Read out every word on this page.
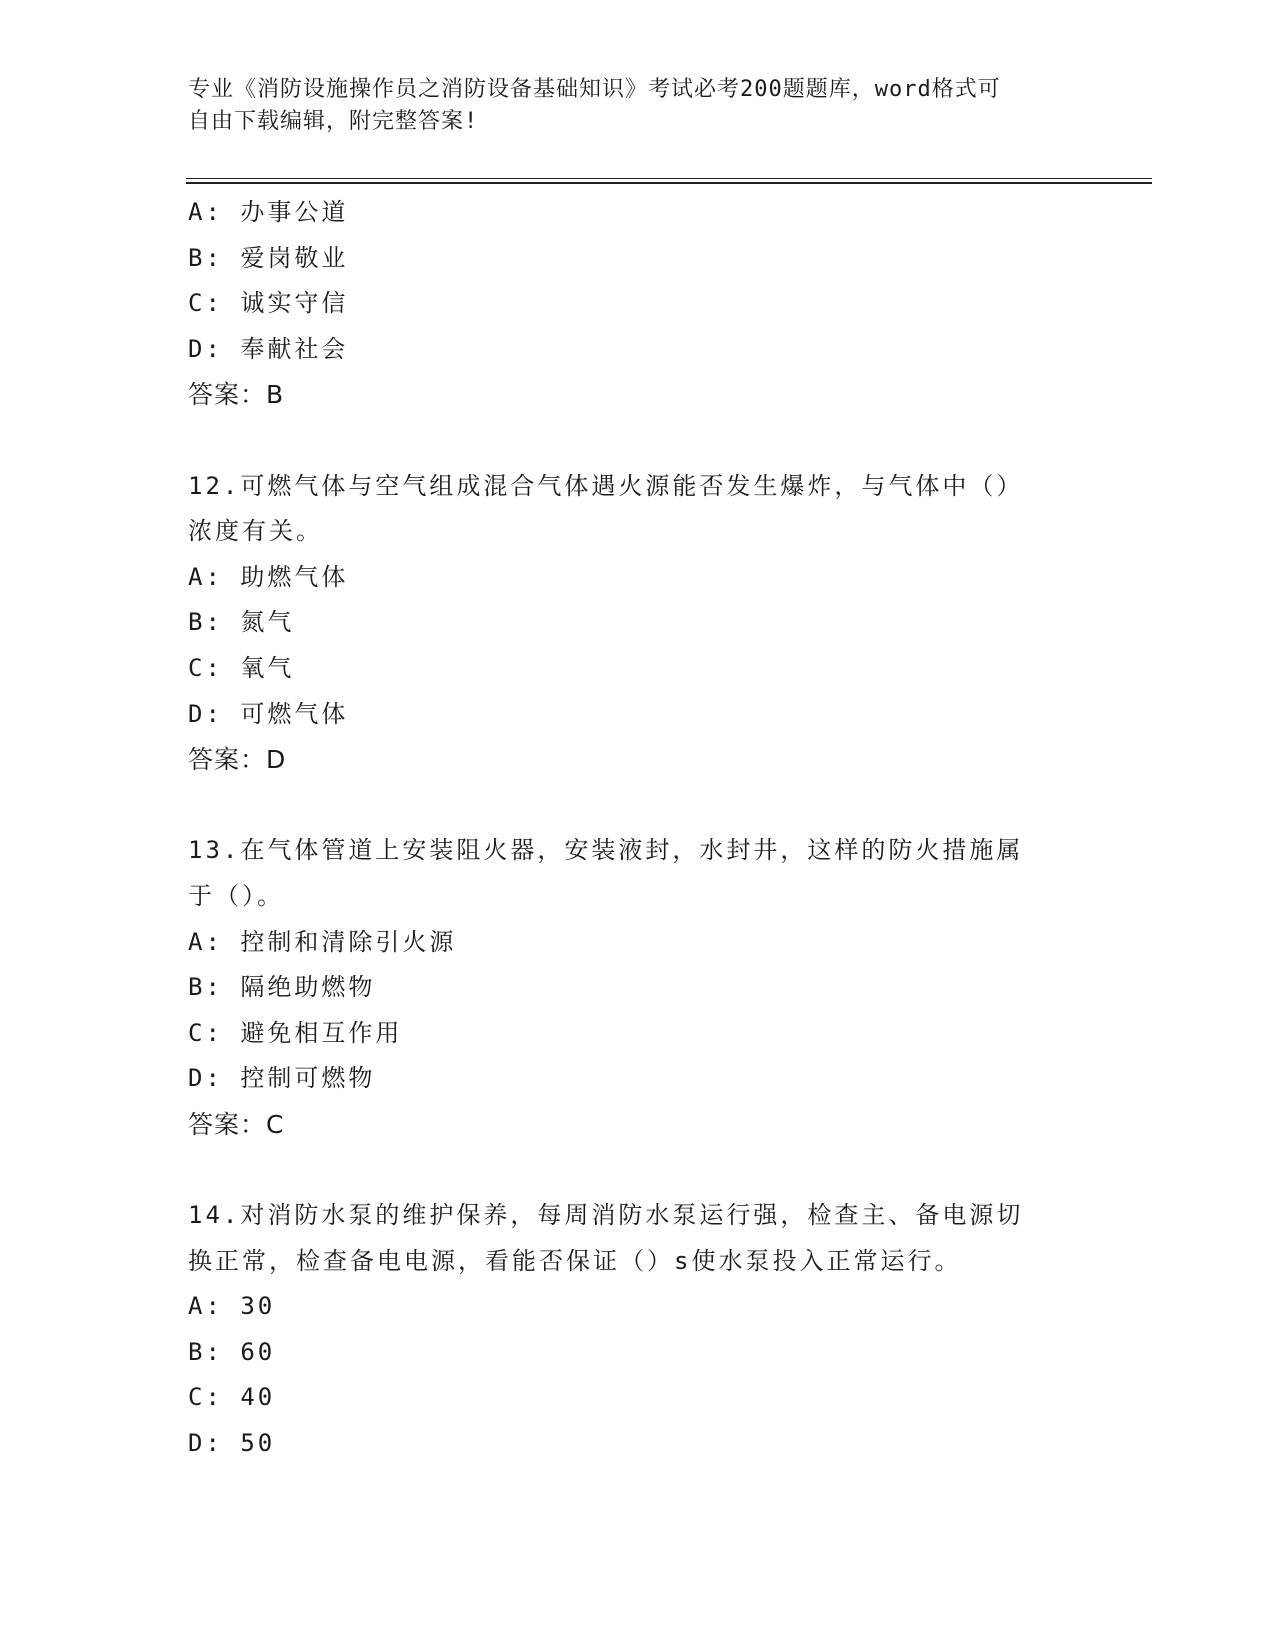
专业《消防设施操作员之消防设备基础知识》考试必考200题题库，word格式可
自由下载编辑，附完整答案!
A: 办事公道
B: 爱岗敬业
C: 诚实守信
D: 奉献社会
答案：B
12.可燃气体与空气组成混合气体遇火源能否发生爆炸，与气体中（）
浓度有关。
A: 助燃气体
B: 氮气
C: 氧气
D: 可燃气体
答案：D
13.在气体管道上安装阻火器，安装液封，水封井，这样的防火措施属
于（）。
A: 控制和清除引火源
B: 隔绝助燃物
C: 避免相互作用
D: 控制可燃物
答案：C
14.对消防水泵的维护保养，每周消防水泵运行强，检查主、备电源切
换正常，检查备电电源，看能否保证（）s使水泵投入正常运行。
A: 30
B: 60
C: 40
D: 50
